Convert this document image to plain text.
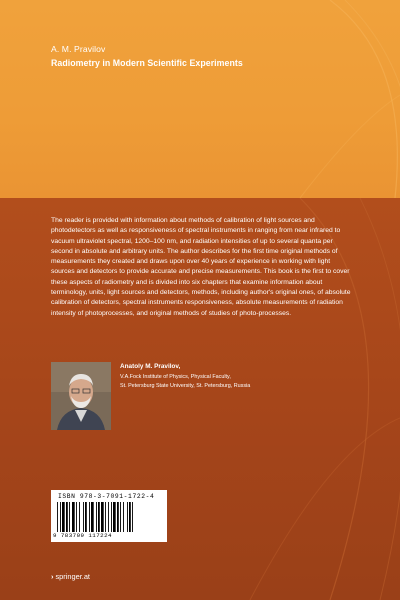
A. M. Pravilov
Radiometry in Modern Scientific Experiments

The reader is provided with information about methods of calibration of light sources and photodetectors as well as responsiveness of spectral instruments in ranging from near infrared to vacuum ultraviolet spectral, 1200–100 nm, and radiation intensities of up to several quanta per second in absolute and arbitrary units. The author describes for the first time original methods of measurements they created and draws upon over 40 years of experience in working with light sources and detectors to provide accurate and precise measurements. This book is the first to cover these aspects of radiometry and is divided into six chapters that examine information about terminology, units, light sources and detectors, methods, including author's original ones, of absolute calibration of detectors, spectral instruments responsiveness, absolute measurements of radiation intensity of photoprocesses, and original methods of studies of photo-processes.

Anatoly M. Pravilov,
V.A.Fock Institute of Physics, Physical Faculty,
St. Petersburg State University, St. Petersburg, Russia
ISBN 978-3-7091-1722-4
9 783709 117224
› springer.at
